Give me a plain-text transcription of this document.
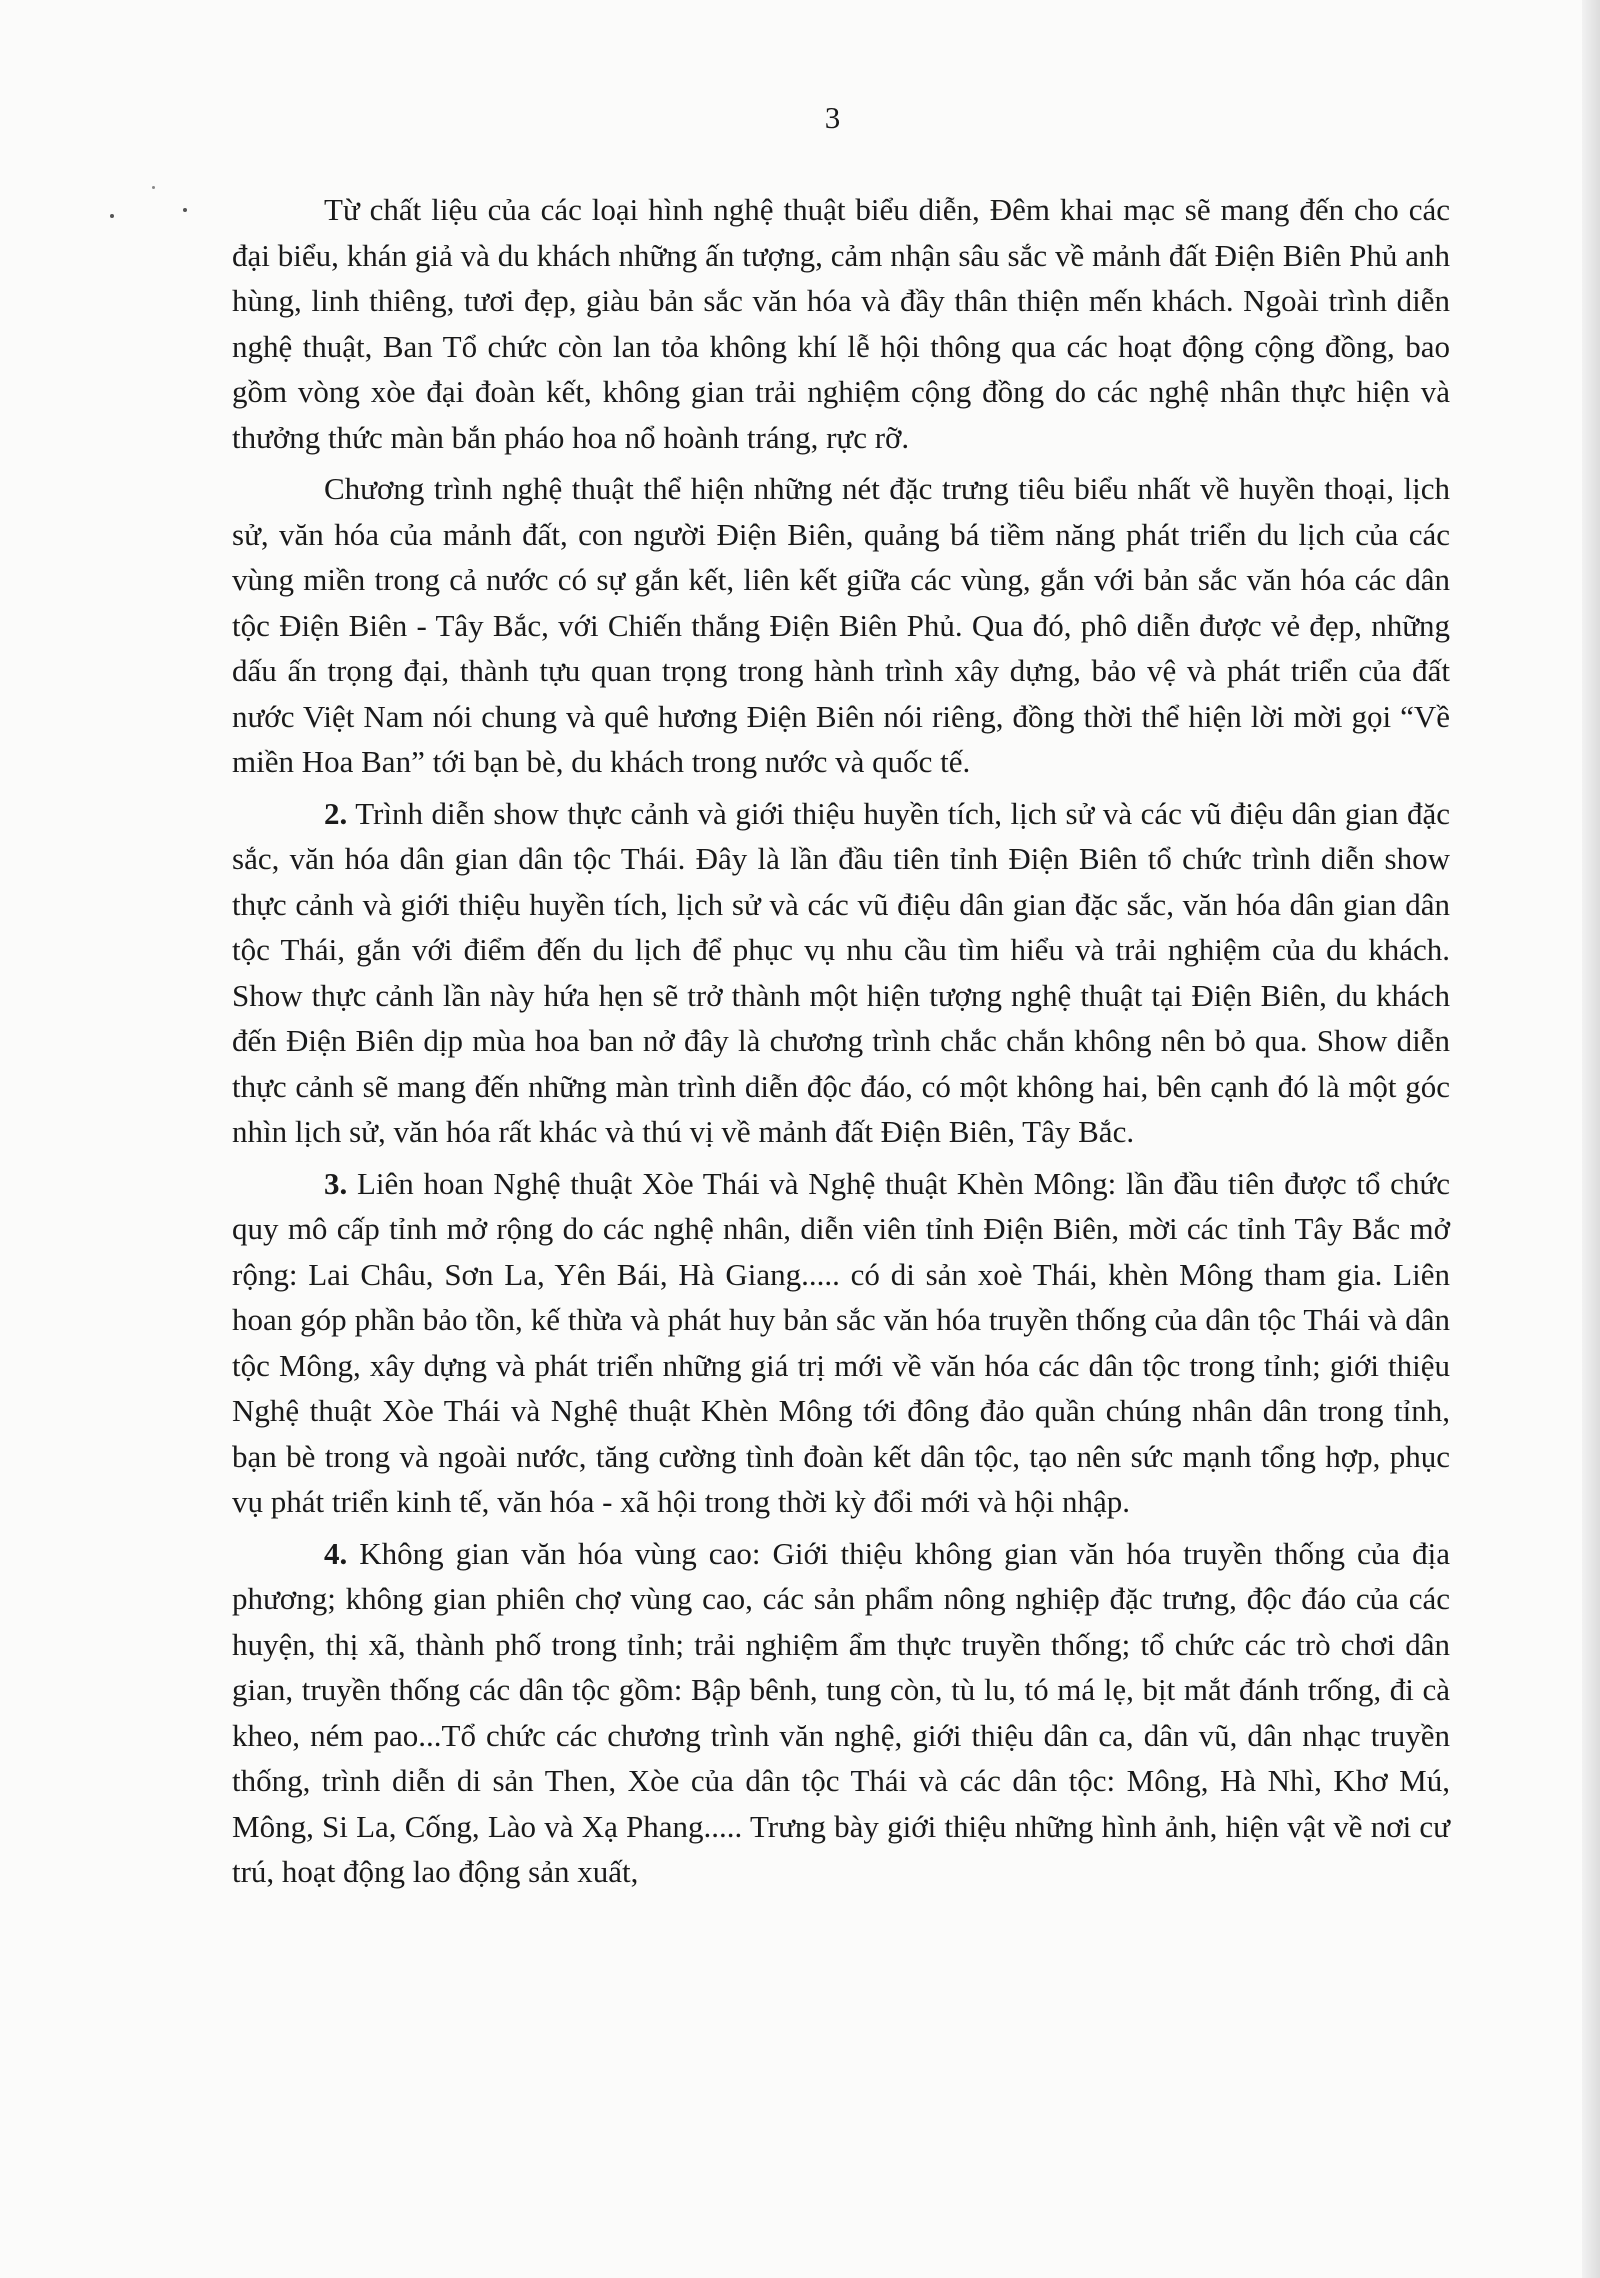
3

Từ chất liệu của các loại hình nghệ thuật biểu diễn, Đêm khai mạc sẽ mang đến cho các đại biểu, khán giả và du khách những ấn tượng, cảm nhận sâu sắc về mảnh đất Điện Biên Phủ anh hùng, linh thiêng, tươi đẹp, giàu bản sắc văn hóa và đầy thân thiện mến khách. Ngoài trình diễn nghệ thuật, Ban Tổ chức còn lan tỏa không khí lễ hội thông qua các hoạt động cộng đồng, bao gồm vòng xòe đại đoàn kết, không gian trải nghiệm cộng đồng do các nghệ nhân thực hiện và thưởng thức màn bắn pháo hoa nổ hoành tráng, rực rỡ.

Chương trình nghệ thuật thể hiện những nét đặc trưng tiêu biểu nhất về huyền thoại, lịch sử, văn hóa của mảnh đất, con người Điện Biên, quảng bá tiềm năng phát triển du lịch của các vùng miền trong cả nước có sự gắn kết, liên kết giữa các vùng, gắn với bản sắc văn hóa các dân tộc Điện Biên - Tây Bắc, với Chiến thắng Điện Biên Phủ. Qua đó, phô diễn được vẻ đẹp, những dấu ấn trọng đại, thành tựu quan trọng trong hành trình xây dựng, bảo vệ và phát triển của đất nước Việt Nam nói chung và quê hương Điện Biên nói riêng, đồng thời thể hiện lời mời gọi “Về miền Hoa Ban” tới bạn bè, du khách trong nước và quốc tế.

2. Trình diễn show thực cảnh và giới thiệu huyền tích, lịch sử và các vũ điệu dân gian đặc sắc, văn hóa dân gian dân tộc Thái. Đây là lần đầu tiên tỉnh Điện Biên tổ chức trình diễn show thực cảnh và giới thiệu huyền tích, lịch sử và các vũ điệu dân gian đặc sắc, văn hóa dân gian dân tộc Thái, gắn với điểm đến du lịch để phục vụ nhu cầu tìm hiểu và trải nghiệm của du khách. Show thực cảnh lần này hứa hẹn sẽ trở thành một hiện tượng nghệ thuật tại Điện Biên, du khách đến Điện Biên dịp mùa hoa ban nở đây là chương trình chắc chắn không nên bỏ qua. Show diễn thực cảnh sẽ mang đến những màn trình diễn độc đáo, có một không hai, bên cạnh đó là một góc nhìn lịch sử, văn hóa rất khác và thú vị về mảnh đất Điện Biên, Tây Bắc.

3. Liên hoan Nghệ thuật Xòe Thái và Nghệ thuật Khèn Mông: lần đầu tiên được tổ chức quy mô cấp tỉnh mở rộng do các nghệ nhân, diễn viên tỉnh Điện Biên, mời các tỉnh Tây Bắc mở rộng: Lai Châu, Sơn La, Yên Bái, Hà Giang..... có di sản xoè Thái, khèn Mông tham gia. Liên hoan góp phần bảo tồn, kế thừa và phát huy bản sắc văn hóa truyền thống của dân tộc Thái và dân tộc Mông, xây dựng và phát triển những giá trị mới về văn hóa các dân tộc trong tỉnh; giới thiệu Nghệ thuật Xòe Thái và Nghệ thuật Khèn Mông tới đông đảo quần chúng nhân dân trong tỉnh, bạn bè trong và ngoài nước, tăng cường tình đoàn kết dân tộc, tạo nên sức mạnh tổng hợp, phục vụ phát triển kinh tế, văn hóa - xã hội trong thời kỳ đổi mới và hội nhập.

4. Không gian văn hóa vùng cao: Giới thiệu không gian văn hóa truyền thống của địa phương; không gian phiên chợ vùng cao, các sản phẩm nông nghiệp đặc trưng, độc đáo của các huyện, thị xã, thành phố trong tỉnh; trải nghiệm ẩm thực truyền thống; tổ chức các trò chơi dân gian, truyền thống các dân tộc gồm: Bập bênh, tung còn, tù lu, tó má lẹ, bịt mắt đánh trống, đi cà kheo, ném pao...Tổ chức các chương trình văn nghệ, giới thiệu dân ca, dân vũ, dân nhạc truyền thống, trình diễn di sản Then, Xòe của dân tộc Thái và các dân tộc: Mông, Hà Nhì, Khơ Mú, Mông, Si La, Cống, Lào và Xạ Phang..... Trưng bày giới thiệu những hình ảnh, hiện vật về nơi cư trú, hoạt động lao động sản xuất,
